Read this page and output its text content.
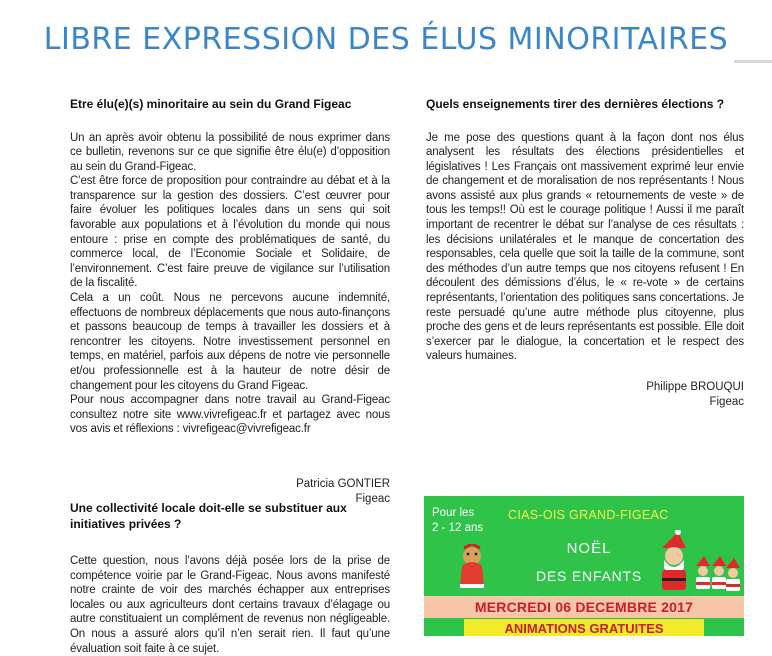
LIBRE EXPRESSION DES ÉLUS MINORITAIRES
Etre élu(e)(s) minoritaire au sein du Grand Figeac

Un an après avoir obtenu la possibilité de nous exprimer dans ce bulletin, revenons sur ce que signifie être élu(e) d’opposition au sein du Grand-Figeac.

C’est être force de proposition pour contraindre au débat et à la transparence sur la gestion des dossiers. C’est œuvrer pour faire évoluer les politiques locales dans un sens qui soit favorable aux populations et à l’évolution du monde qui nous entoure : prise en compte des problématiques de santé, du commerce local, de l’Economie Sociale et Solidaire, de l’environnement. C’est faire preuve de vigilance sur l’utilisation de la fiscalité.

Cela a un coût. Nous ne percevons aucune indemnité, effectuons de nombreux déplacements que nous auto-finançons et passons beaucoup de temps à travailler les dossiers et à rencontrer les citoyens. Notre investissement personnel en temps, en matériel, parfois aux dépens de notre vie personnelle et/ou professionnelle est à la hauteur de notre désir de changement pour les citoyens du Grand Figeac.

Pour nous accompagner dans notre travail au Grand-Figeac consultez notre site www.vivrefigeac.fr et partagez avec nous vos avis et réflexions : vivrefigeac@vivrefigeac.fr

Patricia GONTIER
Figeac
Quels enseignements tirer des dernières élections ?

Je me pose des questions quant à la façon dont nos élus analysent les résultats des élections présidentielles et législatives ! Les Français ont massivement exprimé leur envie de changement et de moralisation de nos représentants ! Nous avons assisté aux plus grands « retournements de veste » de tous les temps!! Où est le courage politique ! Aussi il me paraît important de recentrer le débat sur l’analyse de ces résultats : les décisions unilatérales et le manque de concertation des responsables, cela quelle que soit la taille de la commune, sont des méthodes d’un autre temps que nos citoyens refusent ! En découlent des démissions d’élus, le « re-vote » de certains représentants, l’orientation des politiques sans concertations. Je reste persuadé qu’une autre méthode plus citoyenne, plus proche des gens et de leurs représentants est possible. Elle doit s’exercer par le dialogue, la concertation et le respect des valeurs humaines.

Philippe BROUQUI
Figeac
Une collectivité locale doit-elle se substituer aux initiatives privées ?

Cette question, nous l’avons déjà posée lors de la prise de compétence voirie par le Grand-Figeac. Nous avons manifesté notre crainte de voir des marchés échapper aux entreprises locales ou aux agriculteurs dont certains travaux d’élagage ou autre constituaient un complément de revenus non négligeable. On nous a assuré alors qu’il n’en serait rien. Il faut qu’une évaluation soit faite à ce sujet.

Pour les
2 - 12 ans
CIAS-OIS GRAND-FIGEAC
NOËL
DES ENFANTS
MERCREDI 06 DECEMBRE 2017
ANIMATIONS GRATUITES
